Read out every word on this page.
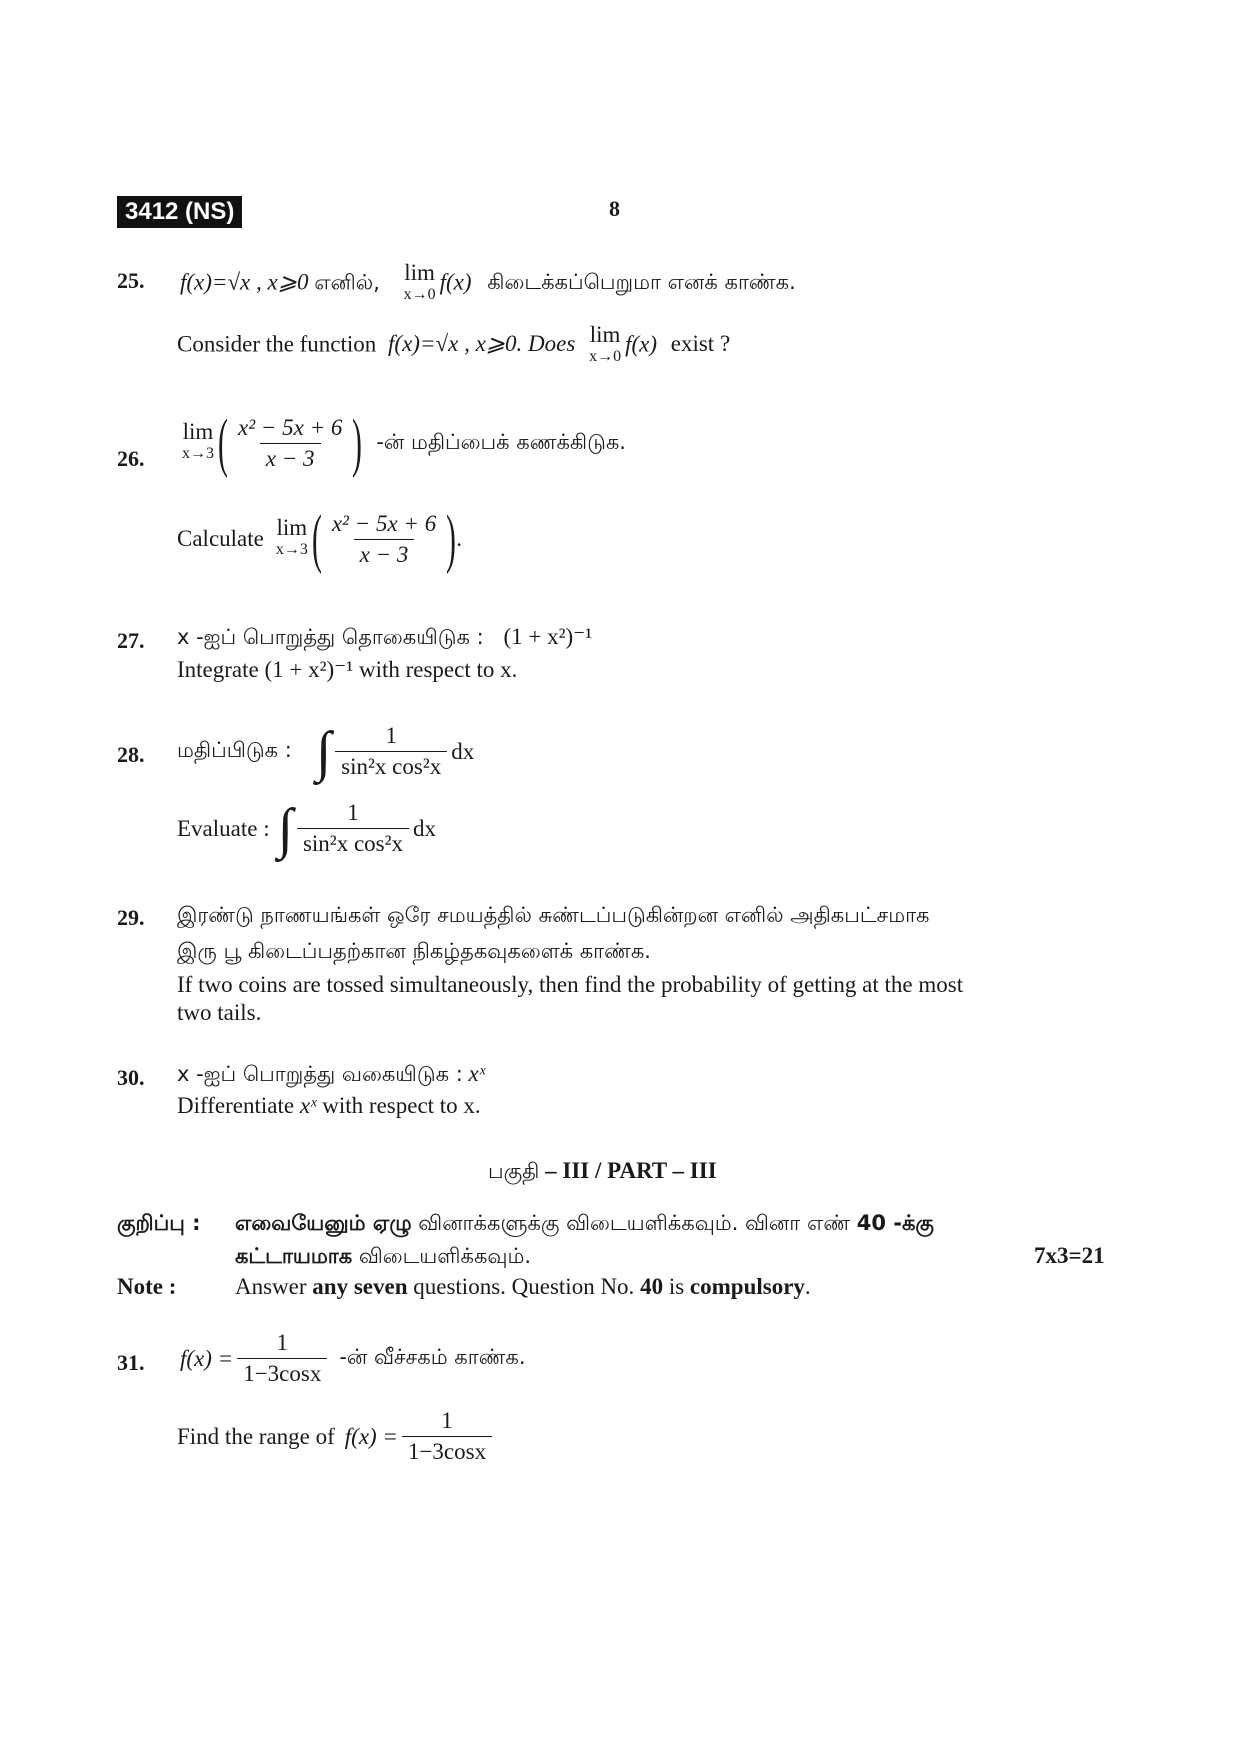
3412 (NS)	8
25. f(x)=√x , x⩾0 எனில், lim
x→0
f(x) கிடைக்கப்பெறுமா எனக் காண்க.
Consider the function f(x)=√x , x⩾0. Does lim
x→0
f(x) exist ?
26.
lim
x→3 ( $\frac{\text{x² − 5x + 6}}{x - 3}$ ) -ன் மதிப்பைக் கணக்கிடுக.
Calculate lim
x→3 ( $\frac{\text{x² − 5x + 6}}{x - 3}$ ) .
27. x -ஐப் பொறுத்து தொகையிடுக : (1 + x²)⁻¹
Integrate (1 + x²)⁻¹ with respect to x.
28. மதிப்பிடுக : ∫ $\frac{1}{\text{sin²x cos²x}}$ dx
Evaluate : ∫ $\frac{1}{\text{sin²x cos²x}}$ dx
29. இரண்டு நாணயங்கள் ஒரே சமயத்தில் சுண்டப்படுகின்றன எனில் அதிகபட்சமாக
இரு பூ கிடைப்பதற்கான நிகழ்தகவுகளைக் காண்க.
If two coins are tossed simultaneously, then find the probability of getting at the most
two tails.
30. x -ஐப் பொறுத்து வகையிடுக : xˣ
Differentiate xˣ with respect to x.
பகுதி – III / PART – III
குறிப்பு : எவையேனும் ஏழு வினாக்களுக்கு விடையளிக்கவும். வினா எண் 40 -க்கு
கட்டாயமாக விடையளிக்கவும்.	7x3=21
Note :	Answer any seven questions. Question No. 40 is compulsory.
31. $f(x) = \frac{1}{1-3\cos x}$ -ன் வீச்சகம் காண்க.
Find the range of $f(x) = \frac{1}{1-3\cos x}$
